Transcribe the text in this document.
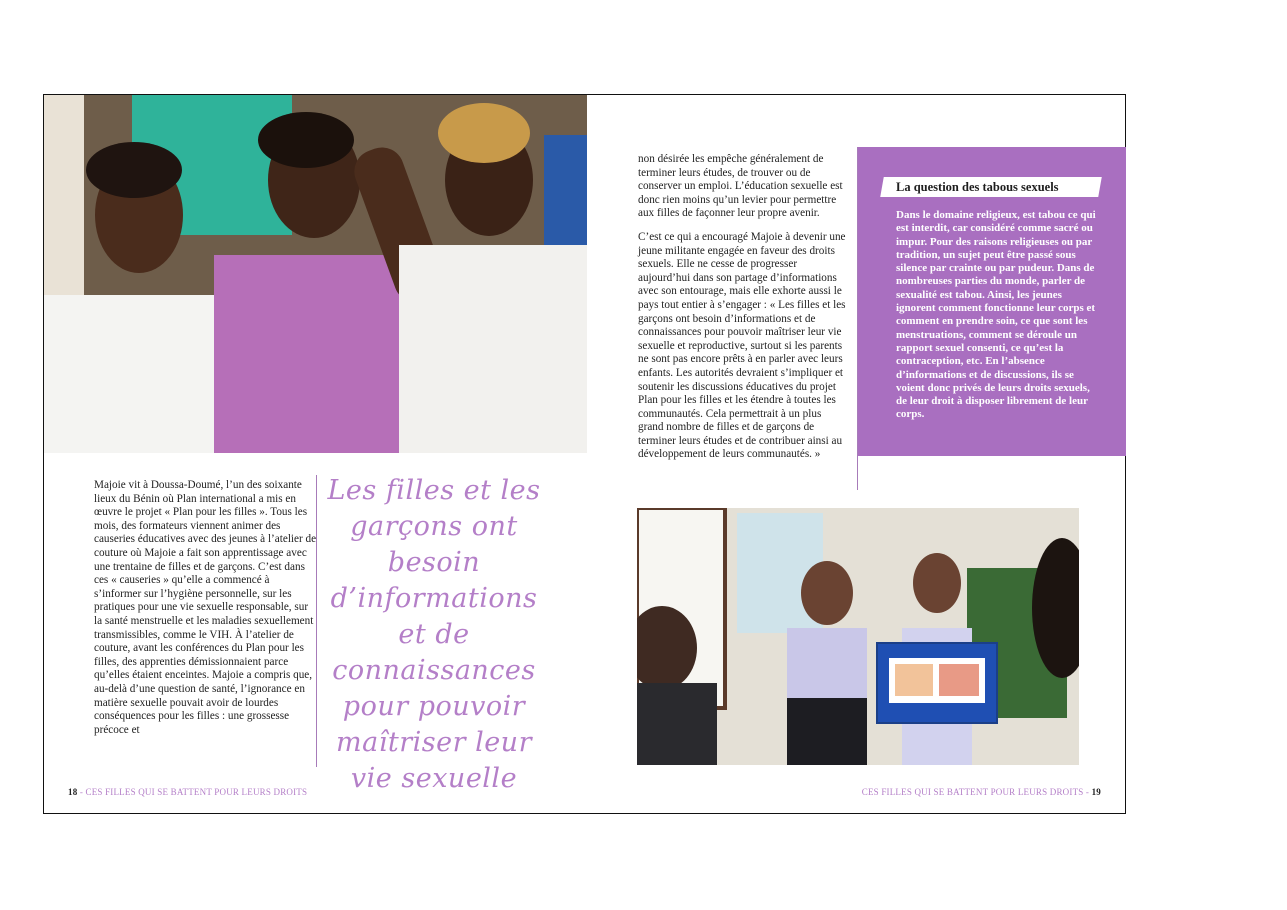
Majoie vit à Doussa-Doumé, l’un des soixante lieux du Bénin où Plan international a mis en œuvre le projet « Plan pour les filles ». Tous les mois, des formateurs viennent animer des causeries éducatives avec des jeunes à l’atelier de couture où Majoie a fait son apprentissage avec une trentaine de filles et de garçons. C’est dans ces « causeries » qu’elle a commencé à s’informer sur l’hygiène personnelle, sur les pratiques pour une vie sexuelle responsable, sur la santé menstruelle et les maladies sexuellement transmissibles, comme le VIH. À l’atelier de couture, avant les conférences du Plan pour les filles, des apprenties démissionnaient parce qu’elles étaient enceintes. Majoie a compris que, au-delà d’une question de santé, l’ignorance en matière sexuelle pouvait avoir de lourdes conséquences pour les filles : une grossesse précoce et
Les filles et les garçons ont besoin d’informations et de connaissances pour pouvoir maîtriser leur vie sexuelle

non désirée les empêche généralement de terminer leurs études, de trouver ou de conserver un emploi. L’éducation sexuelle est donc rien moins qu’un levier pour permettre aux filles de façonner leur propre avenir.

C’est ce qui a encouragé Majoie à devenir une jeune militante engagée en faveur des droits sexuels. Elle ne cesse de progresser aujourd’hui dans son partage d’informations avec son entourage, mais elle exhorte aussi le pays tout entier à s’engager : « Les filles et les garçons ont besoin d’informations et de connaissances pour pouvoir maîtriser leur vie sexuelle et reproductive, surtout si les parents ne sont pas encore prêts à en parler avec leurs enfants. Les autorités devraient s’impliquer et soutenir les discussions éducatives du projet Plan pour les filles et les étendre à toutes les communautés. Cela permettrait à un plus grand nombre de filles et de garçons de terminer leurs études et de contribuer ainsi au développement de leurs communautés. »

La question des tabous sexuels
Dans le domaine religieux, est tabou ce qui est interdit, car considéré comme sacré ou impur. Pour des raisons religieuses ou par tradition, un sujet peut être passé sous silence par crainte ou par pudeur. Dans de nombreuses parties du monde, parler de sexualité est tabou. Ainsi, les jeunes ignorent comment fonctionne leur corps et comment en prendre soin, ce que sont les menstruations, comment se déroule un rapport sexuel consenti, ce qu’est la contraception, etc. En l’absence d’informations et de discussions, ils se voient donc privés de leurs droits sexuels, de leur droit à disposer librement de leur corps.
18 - CES FILLES QUI SE BATTENT POUR LEURS DROITS	CES FILLES QUI SE BATTENT POUR LEURS DROITS - 19
